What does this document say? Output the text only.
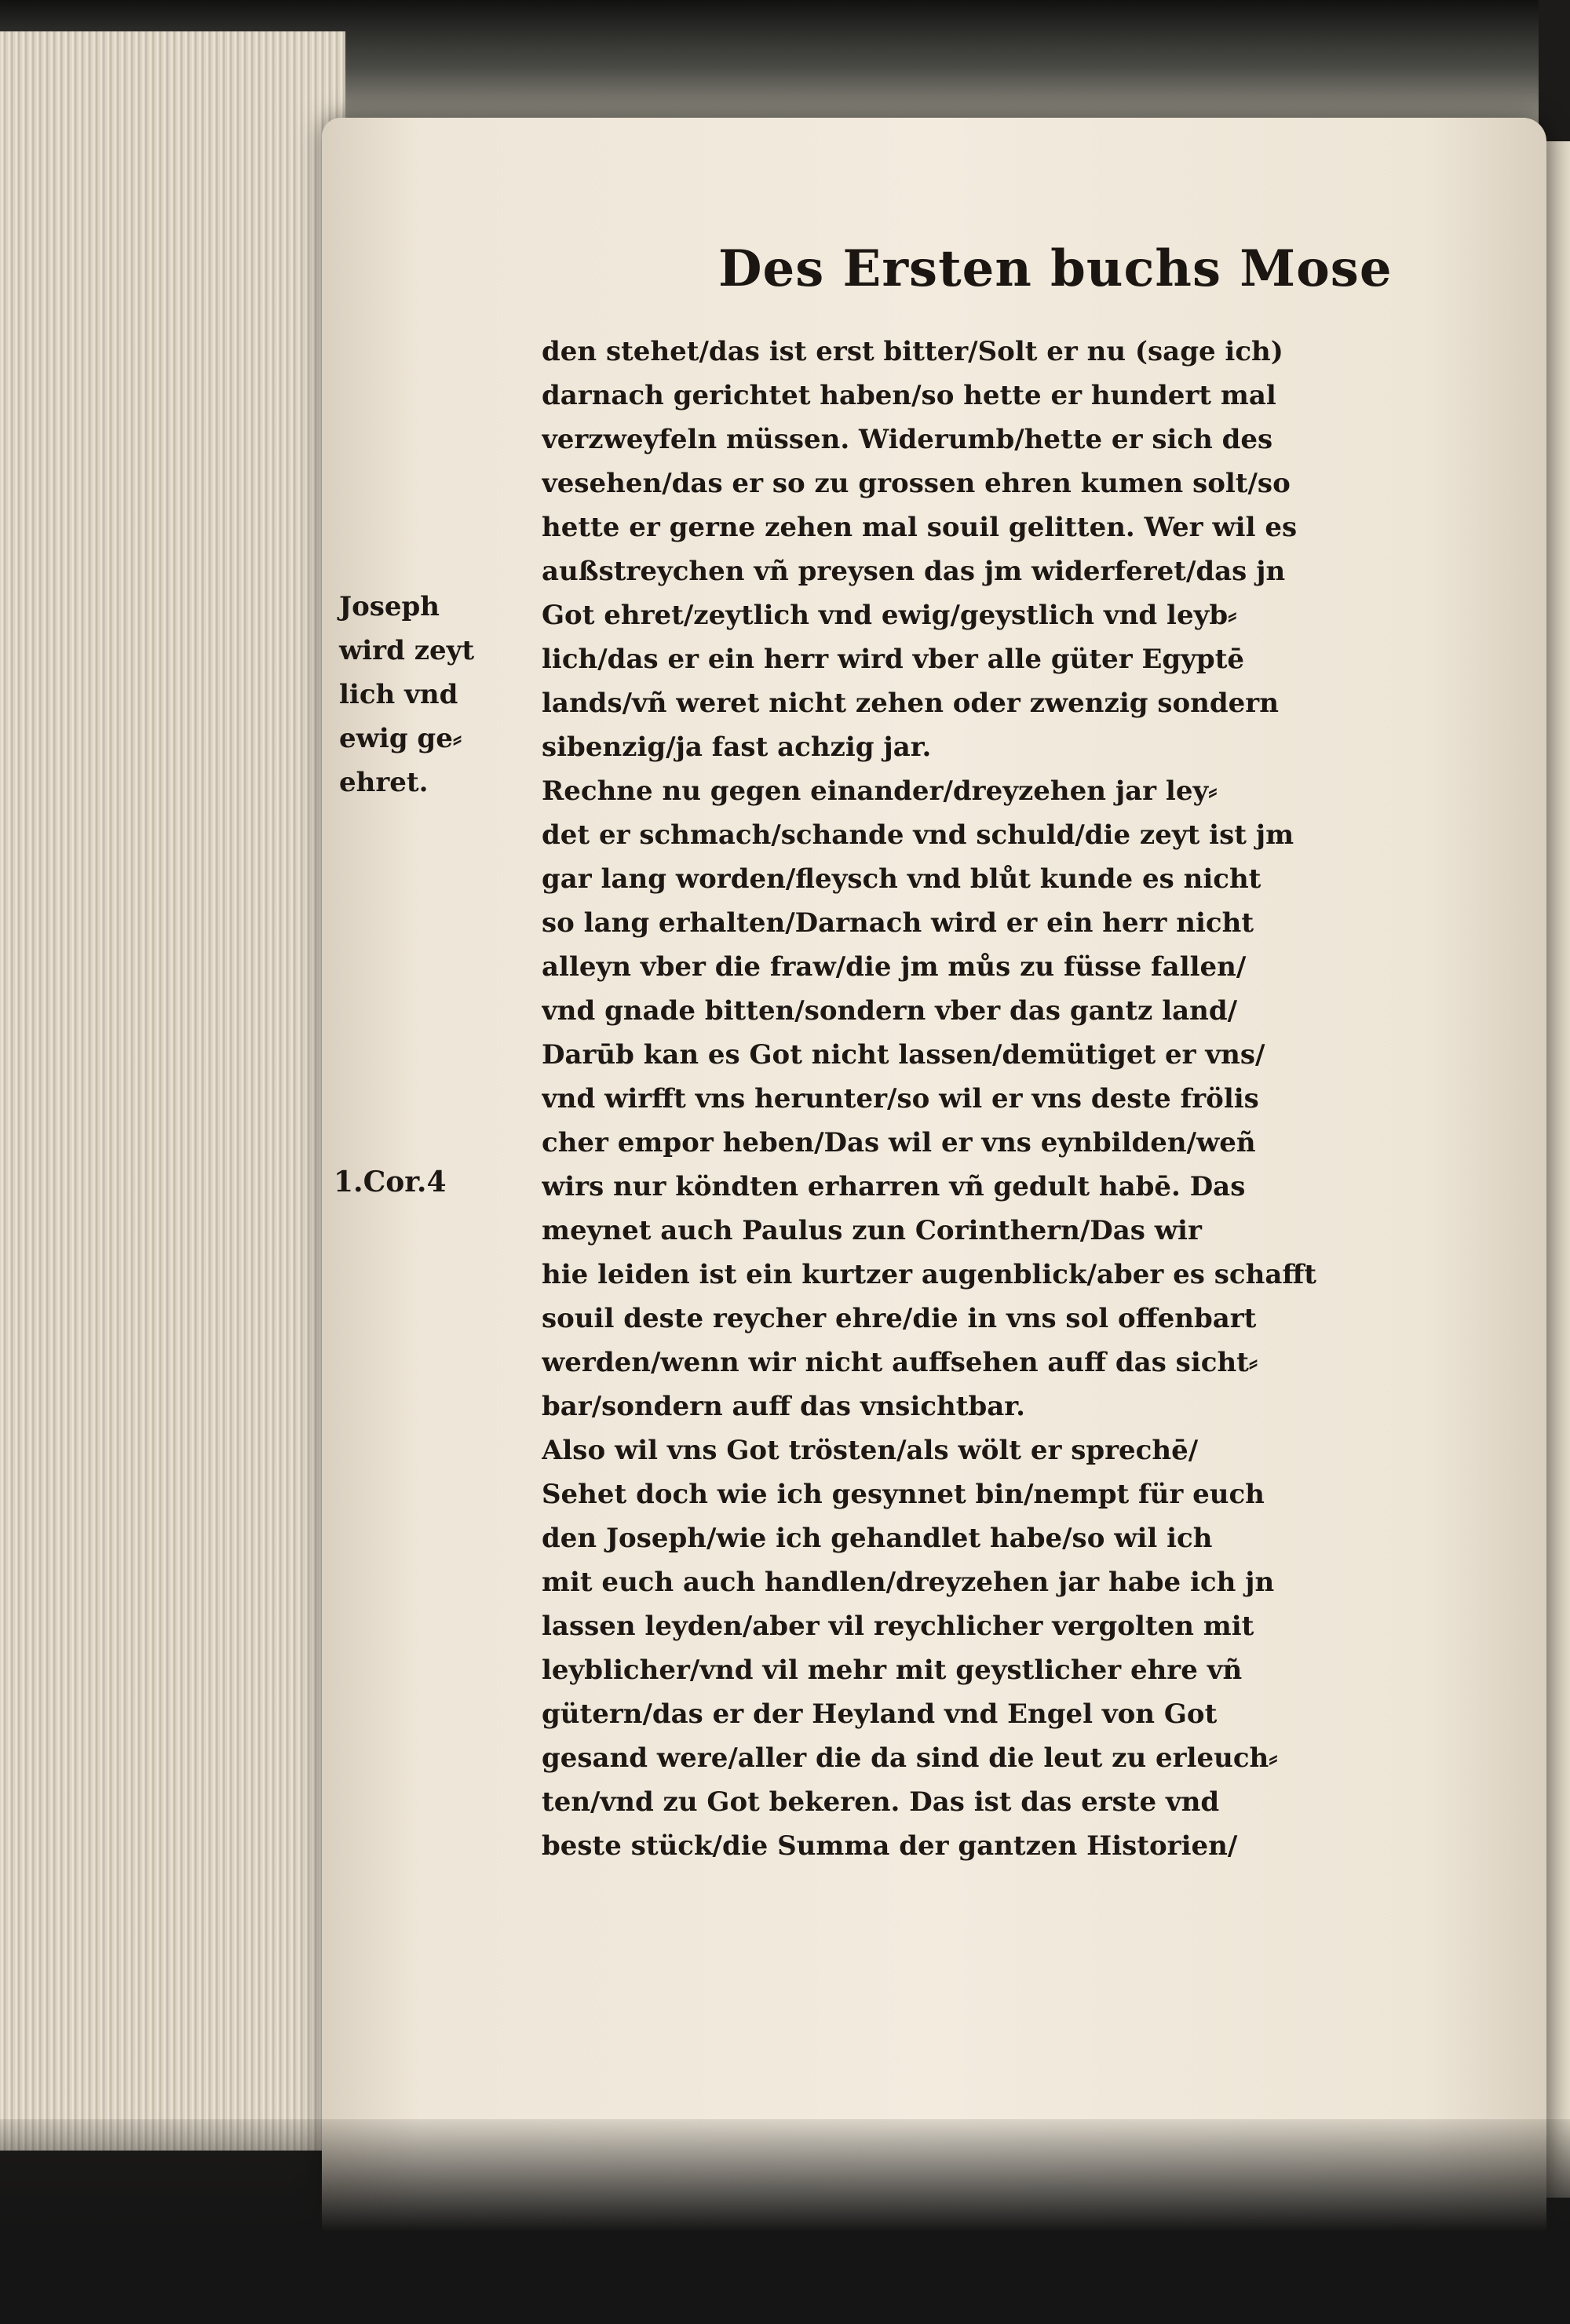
Des Ersten buchs Mose
Joseph
wird zeyt
lich vnd
ewig ge⸗
ehret.
1.Cor.4
den stehet/das ist erst bitter/Solt er nu (sage ich)
darnach gerichtet haben/so hette er hundert mal
verzweyfeln müssen. Widerumb/hette er sich des
vesehen/das er so zu grossen ehren kumen solt/so
hette er gerne zehen mal souil gelitten. Wer wil es
außstreychen vñ preysen das jm widerferet/das jn
Got ehret/zeytlich vnd ewig/geystlich vnd leyb⸗
lich/das er ein herr wird vber alle güter Egyptē
lands/vñ weret nicht zehen oder zwenzig sondern
sibenzig/ja fast achzig jar.
Rechne nu gegen einander/dreyzehen jar ley⸗
det er schmach/schande vnd schuld/die zeyt ist jm
gar lang worden/fleysch vnd blůt kunde es nicht
so lang erhalten/Darnach wird er ein herr nicht
alleyn vber die fraw/die jm můs zu füsse fallen/
vnd gnade bitten/sondern vber das gantz land/
Darūb kan es Got nicht lassen/demütiget er vns/
vnd wirfft vns herunter/so wil er vns deste frölis
cher empor heben/Das wil er vns eynbilden/weñ
wirs nur köndten erharren vñ gedult habē. Das
meynet auch Paulus zun Corinthern/Das wir
hie leiden ist ein kurtzer augenblick/aber es schafft
souil deste reycher ehre/die in vns sol offenbart
werden/wenn wir nicht auffsehen auff das sicht⸗
bar/sondern auff das vnsichtbar.
Also wil vns Got trösten/als wölt er sprechē/
Sehet doch wie ich gesynnet bin/nempt für euch
den Joseph/wie ich gehandlet habe/so wil ich
mit euch auch handlen/dreyzehen jar habe ich jn
lassen leyden/aber vil reychlicher vergolten mit
leyblicher/vnd vil mehr mit geystlicher ehre vñ
gütern/das er der Heyland vnd Engel von Got
gesand were/aller die da sind die leut zu erleuch⸗
ten/vnd zu Got bekeren. Das ist das erste vnd
beste stück/die Summa der gantzen Historien/
